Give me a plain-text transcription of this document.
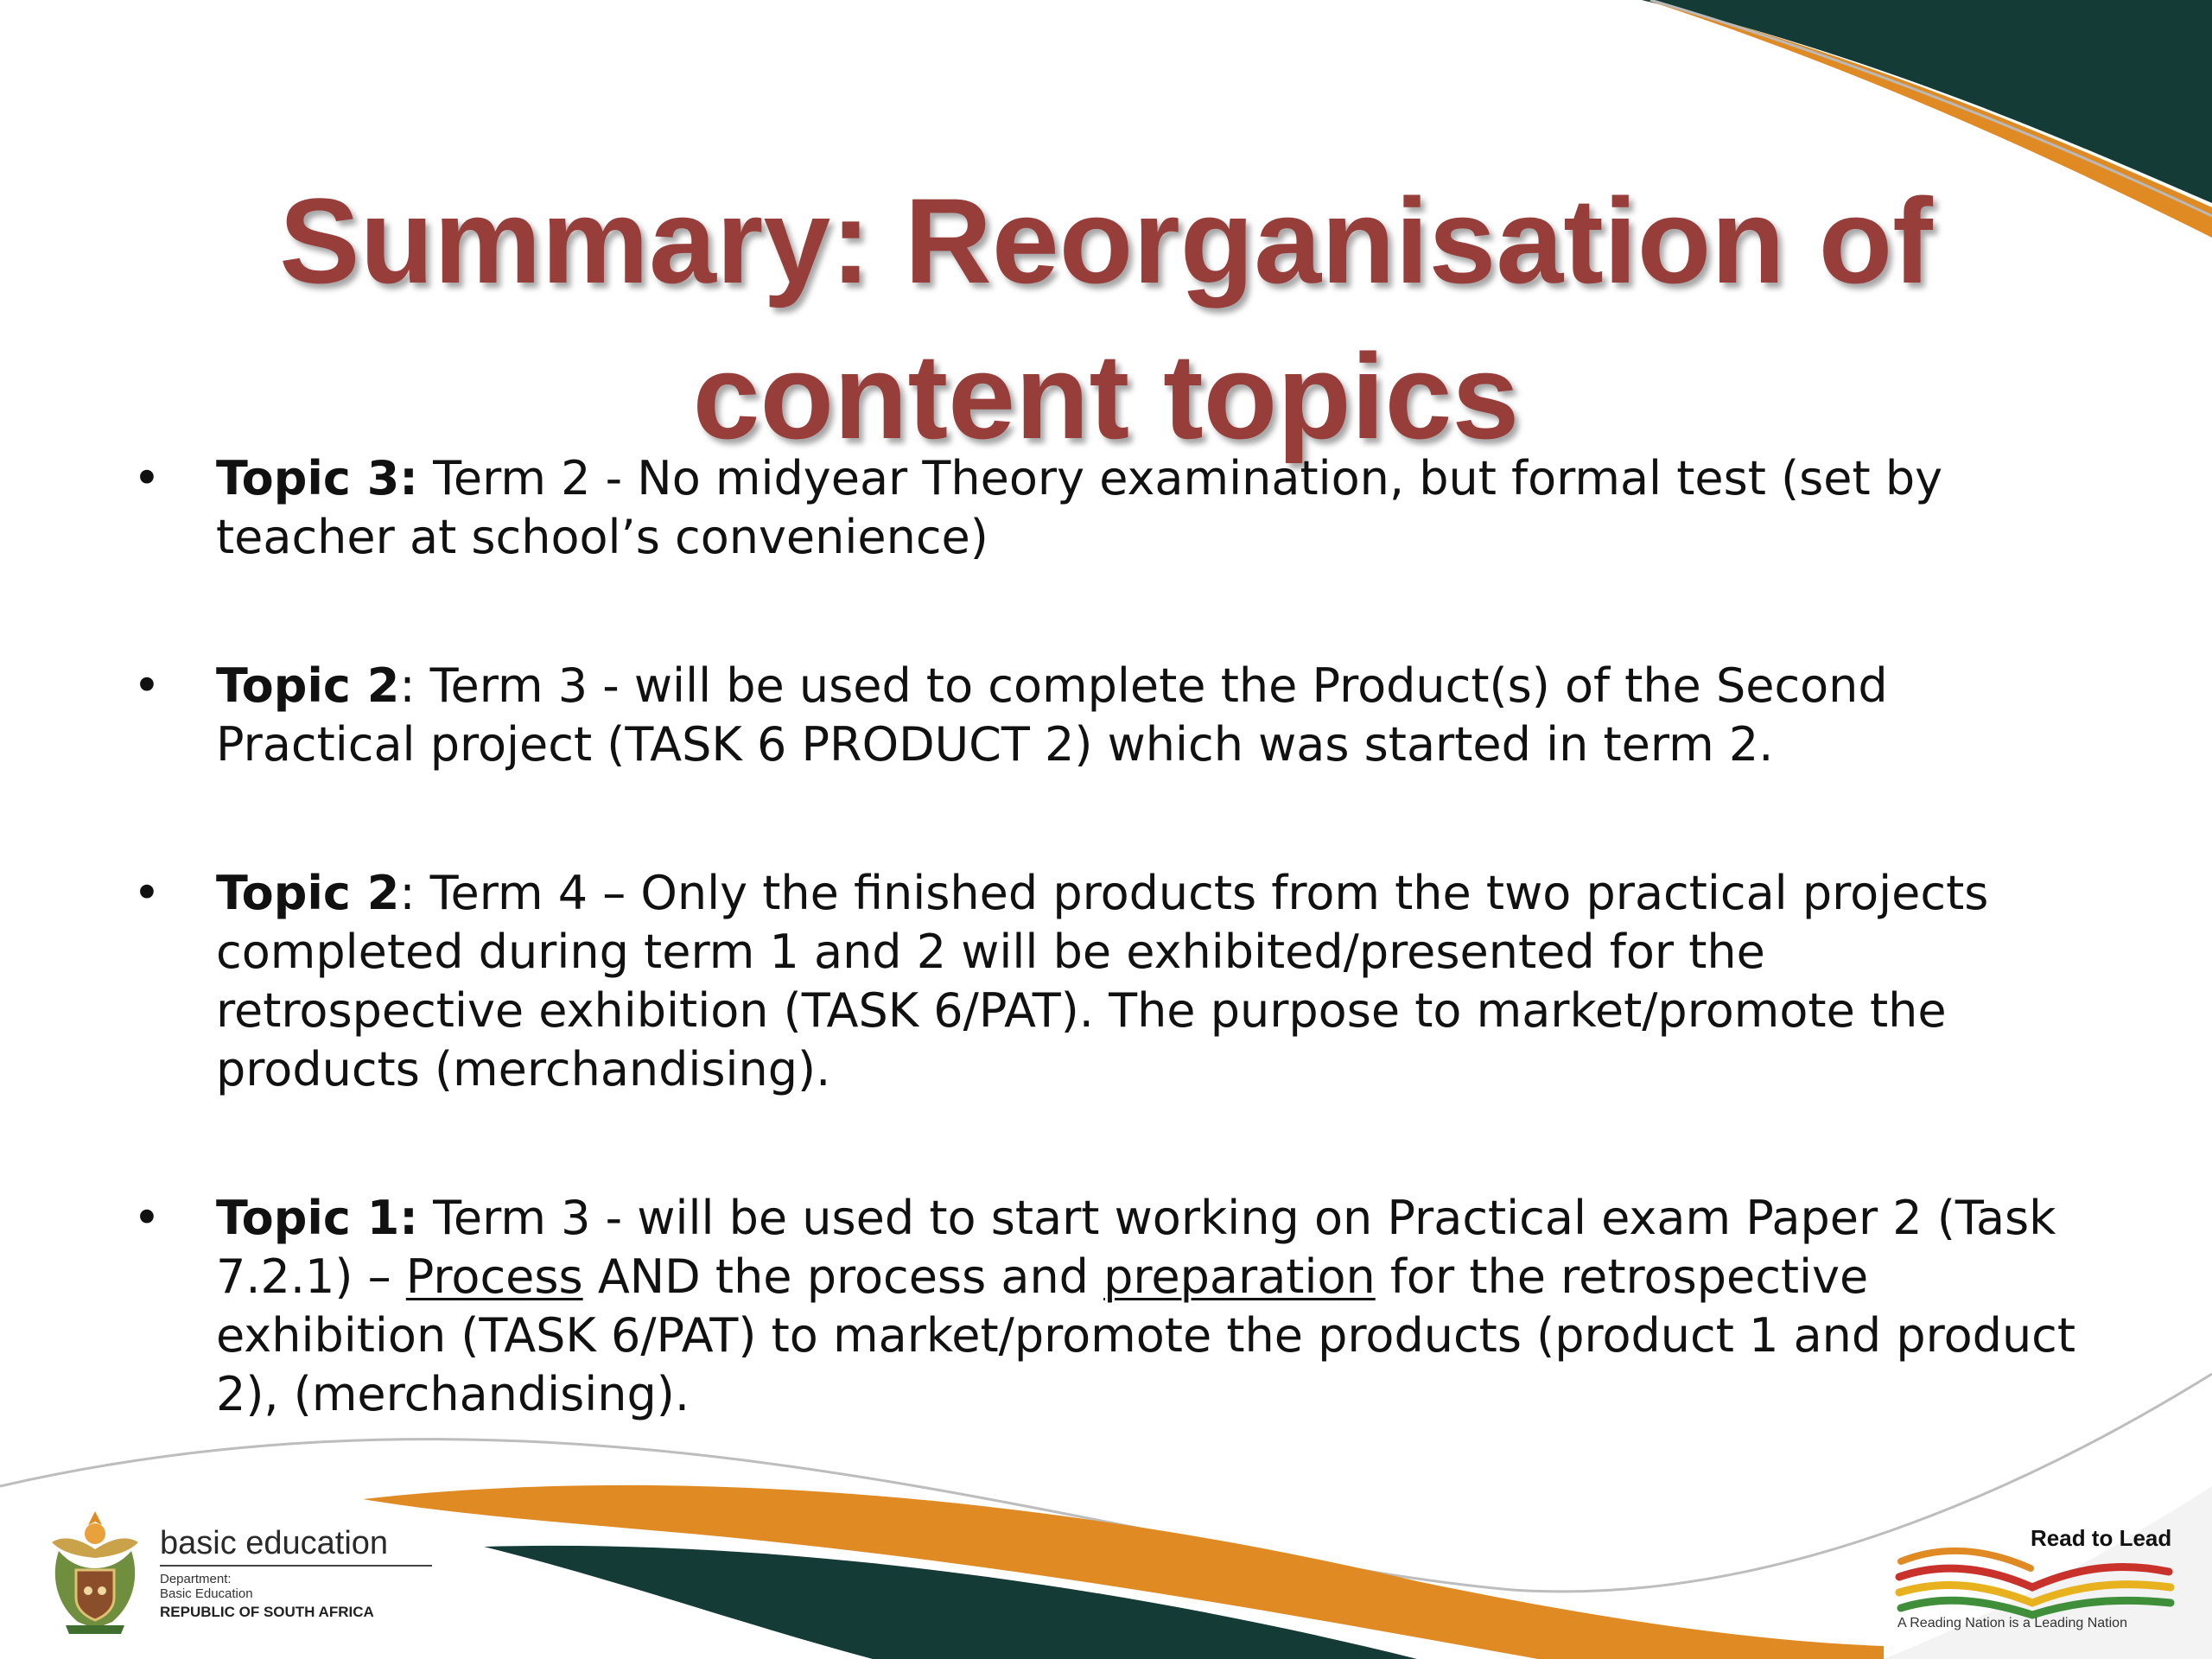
Summary: Reorganisation of
content topics
• Topic 3: Term 2 - No midyear Theory examination, but formal test (set by teacher at school’s convenience)
• Topic 2: Term 3 - will be used to complete the Product(s) of the Second Practical project (TASK 6 PRODUCT 2) which was started in term 2.
• Topic 2: Term 4 – Only the finished products from the two practical projects completed during term 1 and 2 will be exhibited/presented for the retrospective exhibition (TASK 6/PAT). The purpose to market/promote the products (merchandising).
• Topic 1: Term 3 - will be used to start working on Practical exam Paper 2 (Task 7.2.1) – Process AND the process and preparation for the retrospective exhibition (TASK 6/PAT) to market/promote the products (product 1 and product 2), (merchandising).
basic education
Department:
Basic Education
REPUBLIC OF SOUTH AFRICA
Read to Lead
A Reading Nation is a Leading Nation
